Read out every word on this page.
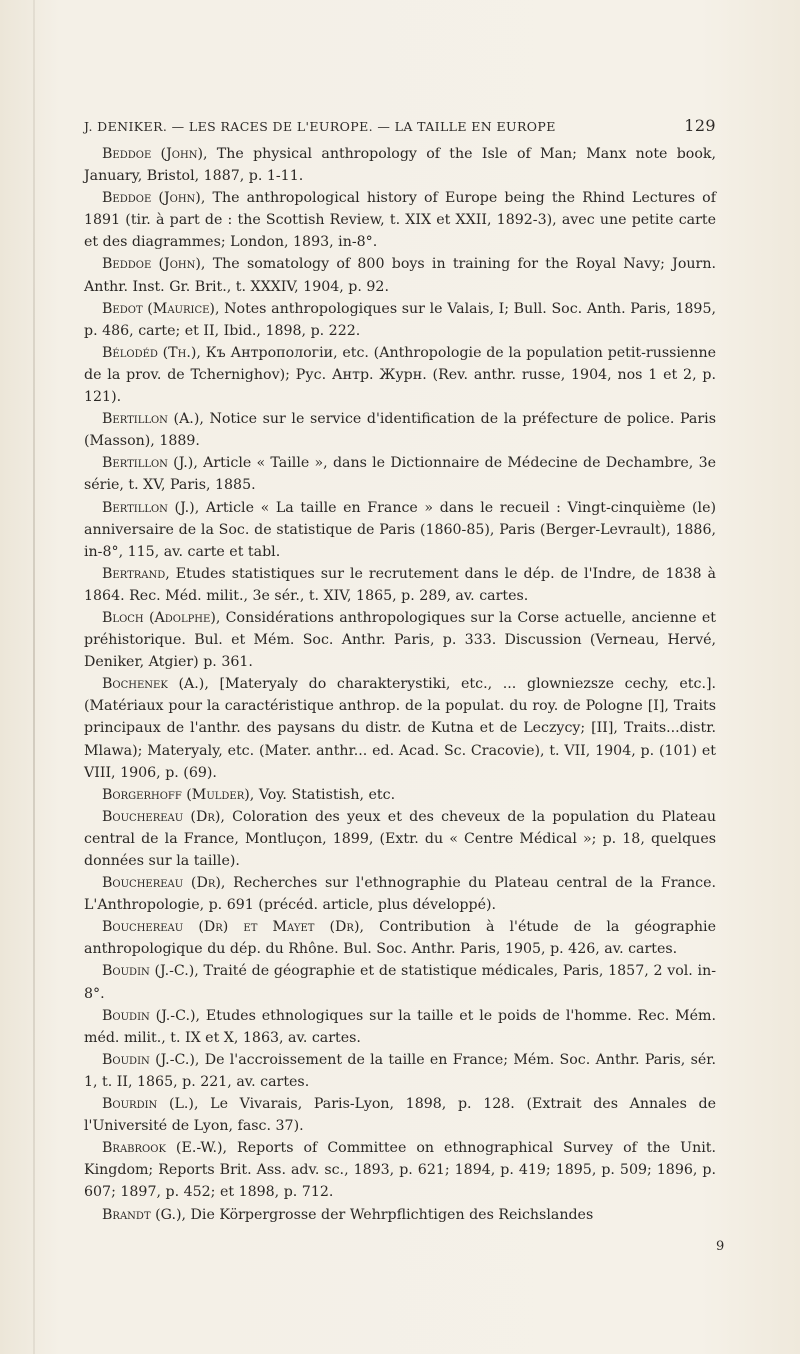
J. DENIKER. — LES RACES DE L'EUROPE. — LA TAILLE EN EUROPE	129

Beddoe (John), The physical anthropology of the Isle of Man; Manx note book, January, Bristol, 1887, p. 1-11.

Beddoe (John), The anthropological history of Europe being the Rhind Lectures of 1891 (tir. à part de : the Scottish Review, t. XIX et XXII, 1892-3), avec une petite carte et des diagrammes; London, 1893, in-8°.

Beddoe (John), The somatology of 800 boys in training for the Royal Navy; Journ. Anthr. Inst. Gr. Brit., t. XXXIV, 1904, p. 92.

Bedot (Maurice), Notes anthropologiques sur le Valais, I; Bull. Soc. Anth. Paris, 1895, p. 486, carte; et II, Ibid., 1898, p. 222.

Bélodéd (Th.), Къ Антропологiи, etc. (Anthropologie de la population petit-russienne de la prov. de Tchernighov); Рус. Антр. Журн. (Rev. anthr. russe, 1904, nos 1 et 2, p. 121).

Bertillon (A.), Notice sur le service d'identification de la préfecture de police. Paris (Masson), 1889.

Bertillon (J.), Article « Taille », dans le Dictionnaire de Médecine de Dechambre, 3e série, t. XV, Paris, 1885.

Bertillon (J.), Article « La taille en France » dans le recueil : Vingt-cinquième (le) anniversaire de la Soc. de statistique de Paris (1860-85), Paris (Berger-Levrault), 1886, in-8°, 115, av. carte et tabl.

Bertrand, Etudes statistiques sur le recrutement dans le dép. de l'Indre, de 1838 à 1864. Rec. Méd. milit., 3e sér., t. XIV, 1865, p. 289, av. cartes.

Bloch (Adolphe), Considérations anthropologiques sur la Corse actuelle, ancienne et préhistorique. Bul. et Mém. Soc. Anthr. Paris, p. 333. Discussion (Verneau, Hervé, Deniker, Atgier) p. 361.

Bochenek (A.), [Materyaly do charakterystiki, etc., ... glowniezsze cechy, etc.]. (Matériaux pour la caractéristique anthrop. de la populat. du roy. de Pologne [I], Traits principaux de l'anthr. des paysans du distr. de Kutna et de Leczycy; [II], Traits...distr. Mlawa); Materyaly, etc. (Mater. anthr... ed. Acad. Sc. Cracovie), t. VII, 1904, p. (101) et VIII, 1906, p. (69).

Borgerhoff (Mulder), Voy. Statistish, etc.

Bouchereau (Dr), Coloration des yeux et des cheveux de la population du Plateau central de la France, Montluçon, 1899, (Extr. du « Centre Médical »; p. 18, quelques données sur la taille).

Bouchereau (Dr), Recherches sur l'ethnographie du Plateau central de la France. L'Anthropologie, p. 691 (précéd. article, plus développé).

Bouchereau (Dr) et Mayet (Dr), Contribution à l'étude de la géographie anthropologique du dép. du Rhône. Bul. Soc. Anthr. Paris, 1905, p. 426, av. cartes.

Boudin (J.-C.), Traité de géographie et de statistique médicales, Paris, 1857, 2 vol. in-8°.

Boudin (J.-C.), Etudes ethnologiques sur la taille et le poids de l'homme. Rec. Mém. méd. milit., t. IX et X, 1863, av. cartes.

Boudin (J.-C.), De l'accroissement de la taille en France; Mém. Soc. Anthr. Paris, sér. 1, t. II, 1865, p. 221, av. cartes.

Bourdin (L.), Le Vivarais, Paris-Lyon, 1898, p. 128. (Extrait des Annales de l'Université de Lyon, fasc. 37).

Brabrook (E.-W.), Reports of Committee on ethnographical Survey of the Unit. Kingdom; Reports Brit. Ass. adv. sc., 1893, p. 621; 1894, p. 419; 1895, p. 509; 1896, p. 607; 1897, p. 452; et 1898, p. 712.

Brandt (G.), Die Körpergrosse der Wehrpflichtigen des Reichslandes

9
